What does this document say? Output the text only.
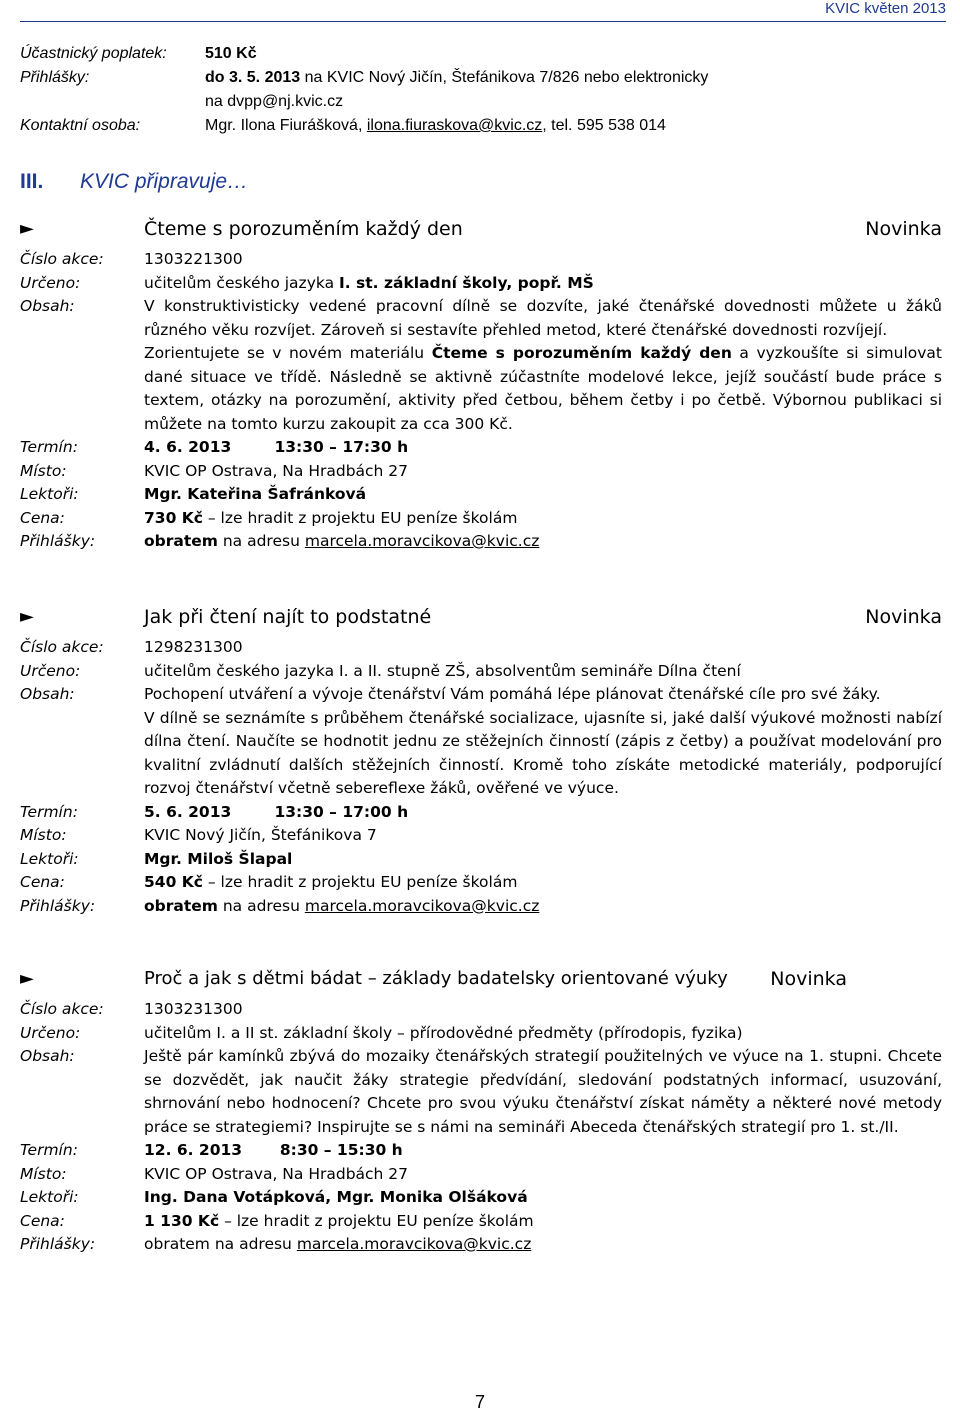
KVIC květen 2013
Účastnický poplatek:	510 Kč
Přihlášky:	do 3. 5. 2013 na KVIC Nový Jičín, Štefánikova 7/826 nebo elektronicky
na dvpp@nj.kvic.cz
Kontaktní osoba:	Mgr. Ilona Fiurášková, ilona.fiuraskova@kvic.cz, tel. 595 538 014
III. KVIC připravuje…
►	Čteme s porozuměním každý den	Novinka
Číslo akce:	1303221300
Určeno:	učitelům českého jazyka I. st. základní školy, popř. MŠ
Obsah:	V konstruktivisticky vedené pracovní dílně se dozvíte, jaké čtenářské dovednosti můžete u žáků různého věku rozvíjet. Zároveň si sestavíte přehled metod, které čtenářské dovednosti rozvíjejí.
Zorientujete se v novém materiálu Čteme s porozuměním každý den a vyzkoušíte si simulovat dané situace ve třídě. Následně se aktivně zúčastníte modelové lekce, jejíž součástí bude práce s textem, otázky na porozumění, aktivity před četbou, během četby i po četbě. Výbornou publikaci si můžete na tomto kurzu zakoupit za cca 300 Kč.
Termín:	4. 6. 2013        13:30 – 17:30 h
Místo:	KVIC OP Ostrava, Na Hradbách 27
Lektoři:	Mgr. Kateřina Šafránková
Cena:	730 Kč – lze hradit z projektu EU peníze školám
Přihlášky:	obratem na adresu marcela.moravcikova@kvic.cz
►	Jak při čtení najít to podstatné	Novinka
Číslo akce:	1298231300
Určeno:	učitelům českého jazyka I. a II. stupně ZŠ, absolventům semináře Dílna čtení
Obsah:	Pochopení utváření a vývoje čtenářství Vám pomáhá lépe plánovat čtenářské cíle pro své žáky.
V dílně se seznámíte s průběhem čtenářské socializace, ujasníte si, jaké další výukové možnosti nabízí dílna čtení. Naučíte se hodnotit jednu ze stěžejních činností (zápis z četby) a používat modelování pro kvalitní zvládnutí dalších stěžejních činností. Kromě toho získáte metodické materiály, podporující rozvoj čtenářství včetně sebereflexe žáků, ověřené ve výuce.
Termín:	5. 6. 2013        13:30 – 17:00 h
Místo:	KVIC Nový Jičín, Štefánikova 7
Lektoři:	Mgr. Miloš Šlapal
Cena:	540 Kč – lze hradit z projektu EU peníze školám
Přihlášky:	obratem na adresu marcela.moravcikova@kvic.cz
►	Proč a jak s dětmi bádat – základy badatelsky orientované výuky Novinka
Číslo akce:	1303231300
Určeno:	učitelům I. a II st. základní školy – přírodovědné předměty (přírodopis, fyzika)
Obsah:	Ještě pár kamínků zbývá do mozaiky čtenářských strategií použitelných ve výuce na 1. stupni. Chcete se dozvědět, jak naučit žáky strategie předvídání, sledování podstatných informací, usuzování, shrnování nebo hodnocení? Chcete pro svou výuku čtenářství získat náměty a některé nové metody práce se strategiemi? Inspirujte se s námi na semináři Abeceda čtenářských strategií pro 1. st./II.
Termín:	12. 6. 2013       8:30 – 15:30 h
Místo:	KVIC OP Ostrava, Na Hradbách 27
Lektoři:	Ing. Dana Votápková, Mgr. Monika Olšáková
Cena:	1 130 Kč – lze hradit z projektu EU peníze školám
Přihlášky:	obratem na adresu marcela.moravcikova@kvic.cz
7
